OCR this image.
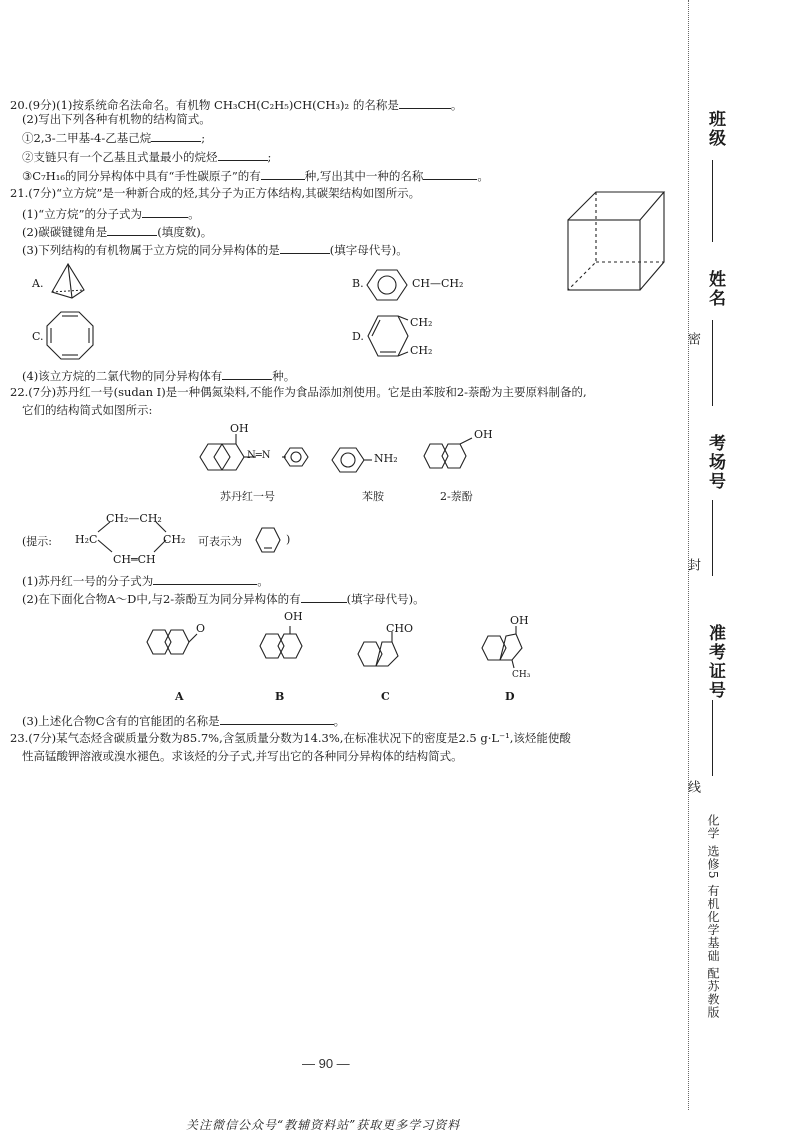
20.(9分)(1)按系统命名法命名。有机物 CH₃CH(C₂H₅)CH(CH₃)₂ 的名称是	。
(2)写出下列各种有机物的结构简式。
①2,3-二甲基-4-乙基己烷	;
②支链只有一个乙基且式量最小的烷烃	;
③C₇H₁₆的同分异构体中具有“手性碳原子”的有	种,写出其中一种的名称	。
21.(7分)“立方烷”是一种新合成的烃,其分子为正方体结构,其碳架结构如图所示。
(1)“立方烷”的分子式为	。
(2)碳碳键键角是	(填度数)。
(3)下列结构的有机物属于立方烷的同分异构体的是	(填字母代号)。
A.	B.	CH—CH₂
C.	D.
CH₂
CH₂
(4)该立方烷的二氯代物的同分异构体有	种。
22.(7分)苏丹红一号(sudan Ⅰ)是一种偶氮染料,不能作为食品添加剂使用。它是由苯胺和2-萘酚为主要原料制备的,
它们的结构简式如图所示:
OH
N═N
苏丹红一号
NH₂
苯胺
OH
2-萘酚
(提示:
CH₂—CH₂
H₂C	CH₂
CH═CH
可表示为	)
(1)苏丹红一号的分子式为	。
(2)在下面化合物A～D中,与2-萘酚互为同分异构体的有	(填字母代号)。
O
A
OH
B
CHO
C
OH
CH₃
D
(3)上述化合物C含有的官能团的名称是	。
23.(7分)某气态烃含碳质量分数为85.7%,含氢质量分数为14.3%,在标准状况下的密度是2.5 g·L⁻¹,该烃能使酸
性高锰酸钾溶液或溴水褪色。求该烃的分子式,并写出它的各种同分异构体的结构简式。
— 90 —
关注微信公众号“教辅资料站”获取更多学习资料
班级
姓名
考场号
准考证号
密
封
线
化学 选修5 有机化学基础 配苏教版
